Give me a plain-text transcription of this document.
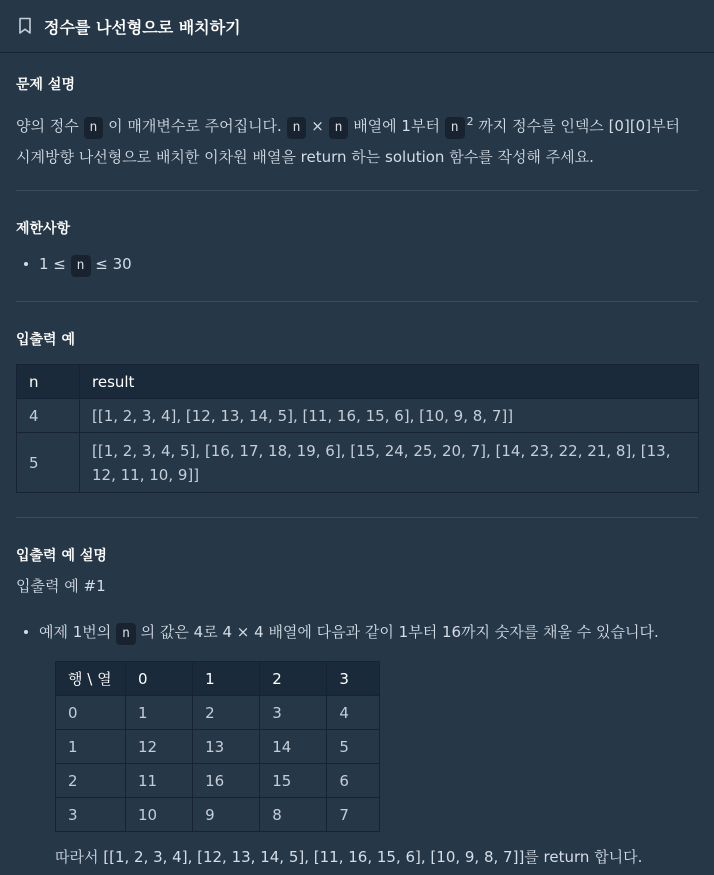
정수를 나선형으로 배치하기
문제 설명

양의 정수 n 이 매개변수로 주어집니다. n × n 배열에 1부터 n $^2$ 까지 정수를 인덱스 [0][0]부터
시계방향 나선형으로 배치한 이차원 배열을 return 하는 solution 함수를 작성해 주세요.

제한사항
1 ≤ n ≤ 30
입출력 예
n	result
4	[[1, 2, 3, 4], [12, 13, 14, 5], [11, 16, 15, 6], [10, 9, 8, 7]]
5	[[1, 2, 3, 4, 5], [16, 17, 18, 19, 6], [15, 24, 25, 20, 7], [14, 23, 22, 21, 8], [13, 12, 11, 10, 9]]
입출력 예 설명

입출력 예 #1

예제 1번의 n 의 값은 4로 4 × 4 배열에 다음과 같이 1부터 16까지 숫자를 채울 수 있습니다.
행 \ 열	0	1	2	3
0	1	2	3	4
1	12	13	14	5
2	11	16	15	6
3	10	9	8	7

따라서 [[1, 2, 3, 4], [12, 13, 14, 5], [11, 16, 15, 6], [10, 9, 8, 7]]를 return 합니다.
